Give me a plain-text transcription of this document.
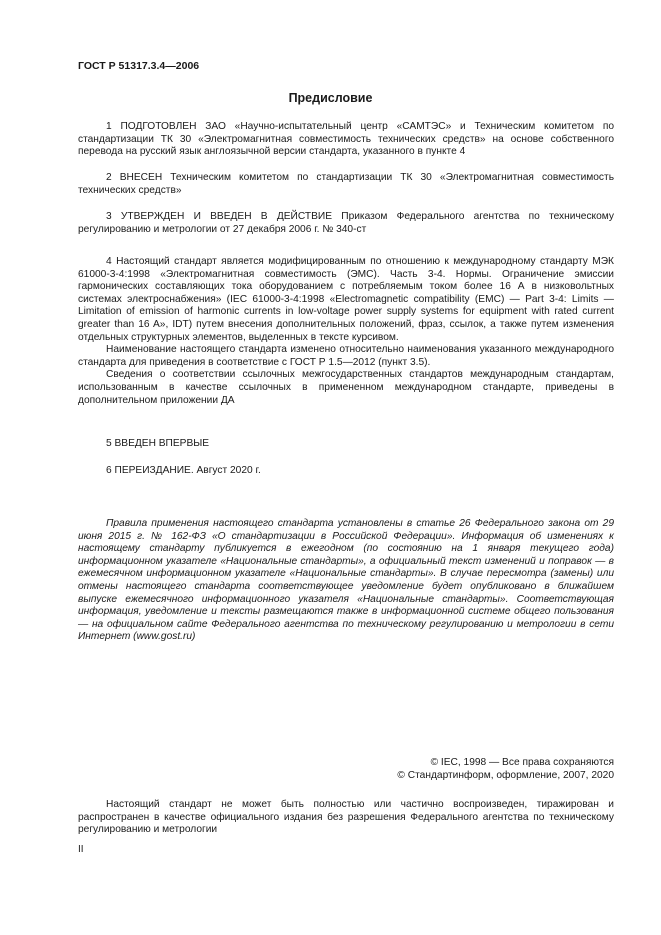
ГОСТ Р 51317.3.4—2006
Предисловие

1 ПОДГОТОВЛЕН ЗАО «Научно-испытательный центр «САМТЭС» и Техническим комитетом по стандартизации ТК 30 «Электромагнитная совместимость технических средств» на основе собственного перевода на русский язык англоязычной версии стандарта, указанного в пункте 4

2 ВНЕСЕН Техническим комитетом по стандартизации ТК 30 «Электромагнитная совместимость технических средств»

3 УТВЕРЖДЕН И ВВЕДЕН В ДЕЙСТВИЕ Приказом Федерального агентства по техническому регулированию и метрологии от 27 декабря 2006 г. № 340-ст

4 Настоящий стандарт является модифицированным по отношению к международному стандарту МЭК 61000-3-4:1998 «Электромагнитная совместимость (ЭМС). Часть 3-4. Нормы. Ограничение эмиссии гармонических составляющих тока оборудованием с потребляемым током более 16 А в низковольтных системах электроснабжения» (IEC 61000-3-4:1998 «Electromagnetic compatibility (EMC) — Part 3-4: Limits — Limitation of emission of harmonic currents in low-voltage power supply systems for equipment with rated current greater than 16 A», IDT) путем внесения дополнительных положений, фраз, ссылок, а также путем изменения отдельных структурных элементов, выделенных в тексте курсивом.

Наименование настоящего стандарта изменено относительно наименования указанного международного стандарта для приведения в соответствие с ГОСТ Р 1.5—2012 (пункт 3.5).

Сведения о соответствии ссылочных межгосударственных стандартов международным стандартам, использованным в качестве ссылочных в примененном международном стандарте, приведены в дополнительном приложении ДА

5 ВВЕДЕН ВПЕРВЫЕ

6 ПЕРЕИЗДАНИЕ. Август 2020 г.

Правила применения настоящего стандарта установлены в статье 26 Федерального закона от 29 июня 2015 г. № 162-ФЗ «О стандартизации в Российской Федерации». Информация об изменениях к настоящему стандарту публикуется в ежегодном (по состоянию на 1 января текущего года) информационном указателе «Национальные стандарты», а официальный текст изменений и поправок — в ежемесячном информационном указателе «Национальные стандарты». В случае пересмотра (замены) или отмены настоящего стандарта соответствующее уведомление будет опубликовано в ближайшем выпуске ежемесячного информационного указателя «Национальные стандарты». Соответствующая информация, уведомление и тексты размещаются также в информационной системе общего пользования — на официальном сайте Федерального агентства по техническому регулированию и метрологии в сети Интернет (www.gost.ru)

© IEC, 1998 — Все права сохраняются
© Стандартинформ, оформление, 2007, 2020

Настоящий стандарт не может быть полностью или частично воспроизведен, тиражирован и распространен в качестве официального издания без разрешения Федерального агентства по техническому регулированию и метрологии

II
